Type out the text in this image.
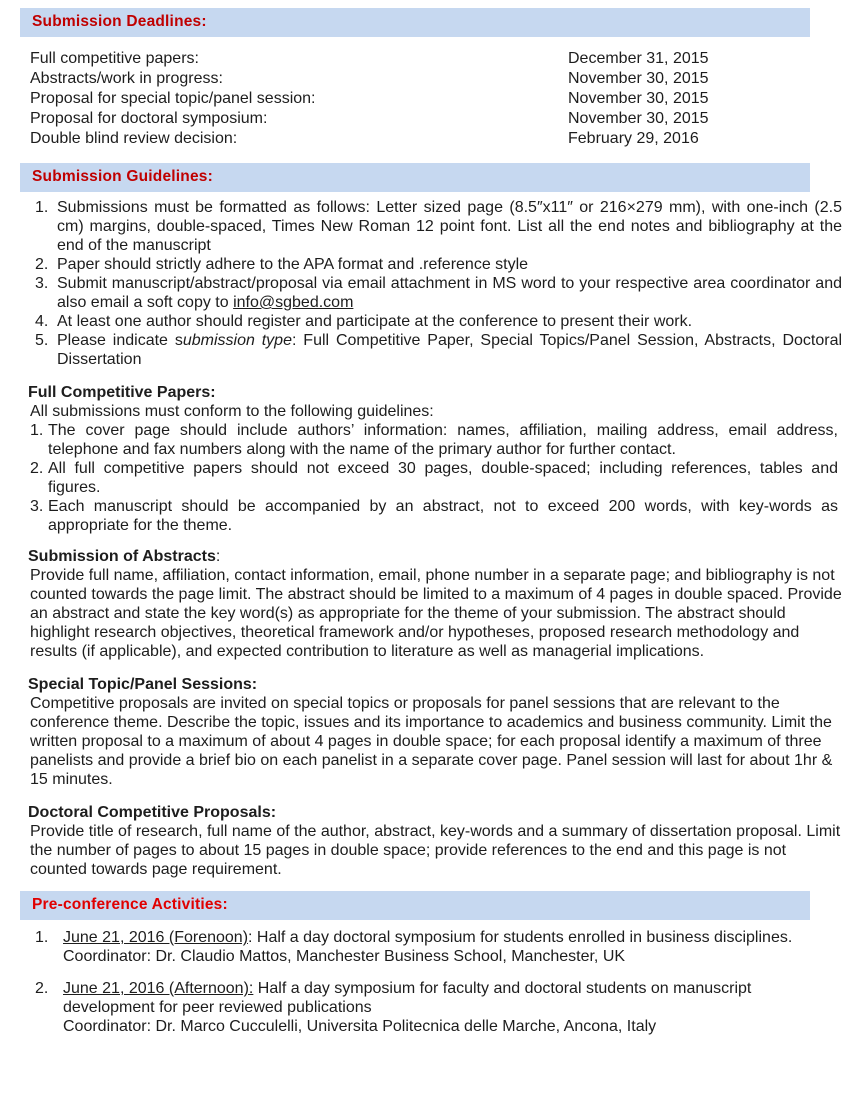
Submission Deadlines:
Full competitive papers:	December 31, 2015
Abstracts/work in progress:	November 30, 2015
Proposal for special topic/panel session:	November 30, 2015
Proposal for doctoral symposium:	November 30, 2015
Double blind review decision:	February 29, 2016
Submission Guidelines:
1. Submissions must be formatted as follows: Letter sized page (8.5″x11″ or 216×279 mm), with one-inch (2.5 cm) margins, double-spaced, Times New Roman 12 point font. List all the end notes and bibliography at the end of the manuscript
2. Paper should strictly adhere to the APA format and .reference style
3. Submit manuscript/abstract/proposal via email attachment in MS word to your respective area coordinator and also email a soft copy to info@sgbed.com
4. At least one author should register and participate at the conference to present their work.
5. Please indicate submission type: Full Competitive Paper, Special Topics/Panel Session, Abstracts, Doctoral Dissertation
Full Competitive Papers:
All submissions must conform to the following guidelines:
1. The cover page should include authors’ information: names, affiliation, mailing address, email address, telephone and fax numbers along with the name of the primary author for further contact.
2. All full competitive papers should not exceed 30 pages, double-spaced; including references, tables and figures.
3. Each manuscript should be accompanied by an abstract, not to exceed 200 words, with key-words as appropriate for the theme.
Submission of Abstracts:

Provide full name, affiliation, contact information, email, phone number in a separate page; and bibliography is not counted towards the page limit. The abstract should be limited to a maximum of 4 pages in double spaced. Provide an abstract and state the key word(s) as appropriate for the theme of your submission. The abstract should highlight research objectives, theoretical framework and/or hypotheses, proposed research methodology and results (if applicable), and expected contribution to literature as well as managerial implications.

Special Topic/Panel Sessions:

Competitive proposals are invited on special topics or proposals for panel sessions that are relevant to the conference theme. Describe the topic, issues and its importance to academics and business community. Limit the written proposal to a maximum of about 4 pages in double space; for each proposal identify a maximum of three panelists and provide a brief bio on each panelist in a separate cover page. Panel session will last for about 1hr & 15 minutes.

Doctoral Competitive Proposals:

Provide title of research, full name of the author, abstract, key-words and a summary of dissertation proposal. Limit the number of pages to about 15 pages in double space; provide references to the end and this page is not counted towards page requirement.

Pre-conference Activities:
1. June 21, 2016 (Forenoon): Half a day doctoral symposium for students enrolled in business disciplines.
Coordinator: Dr. Claudio Mattos, Manchester Business School, Manchester, UK
2. June 21, 2016 (Afternoon): Half a day symposium for faculty and doctoral students on manuscript development for peer reviewed publications
Coordinator: Dr. Marco Cucculelli, Universita Politecnica delle Marche, Ancona, Italy
